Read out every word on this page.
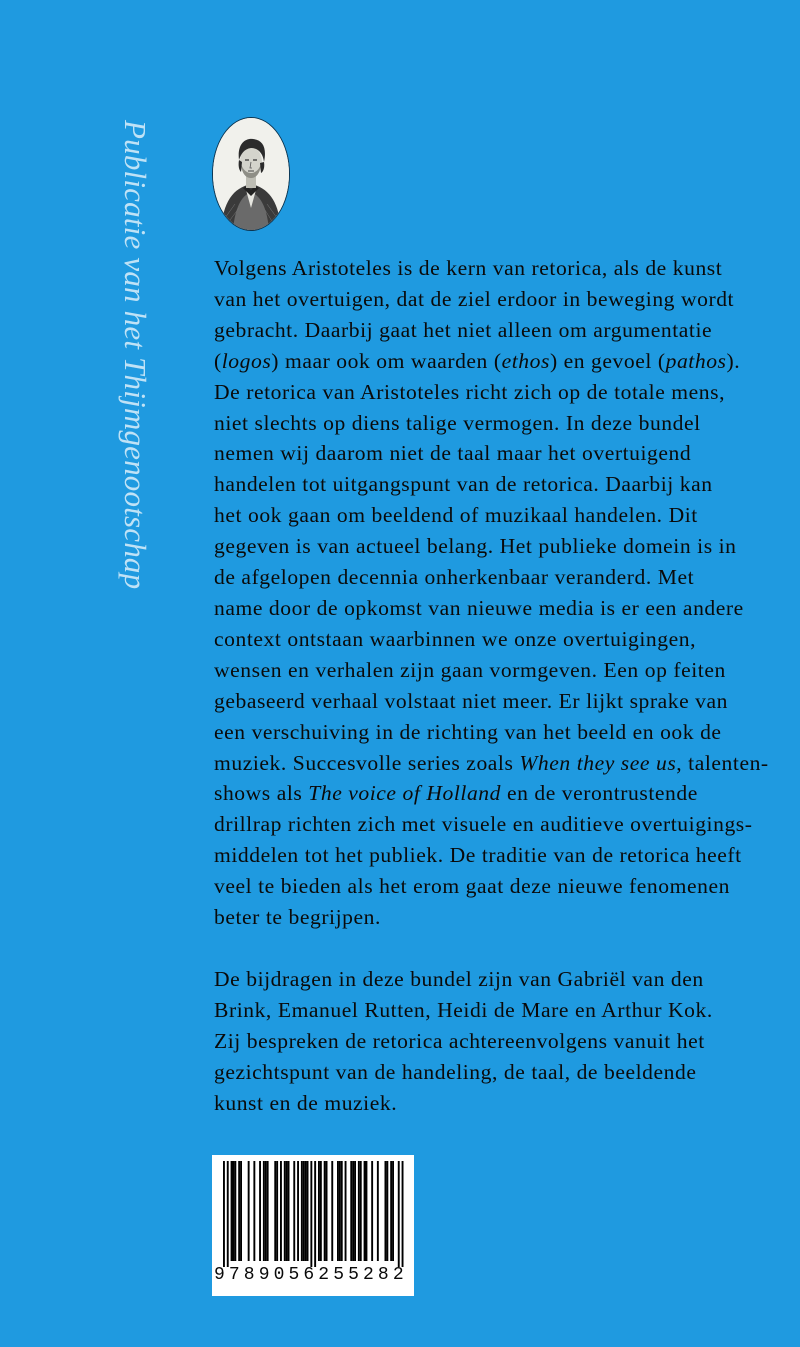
Publicatie van het Thijmgenootschap	Volgens Aristoteles is de kern van retorica, als de kunst
van het overtuigen, dat de ziel erdoor in beweging wordt
gebracht. Daarbij gaat het niet alleen om argumentatie
(logos) maar ook om waarden (ethos) en gevoel (pathos).
De retorica van Aristoteles richt zich op de totale mens,
niet slechts op diens talige vermogen. In deze bundel
nemen wij daarom niet de taal maar het overtuigend
handelen tot uitgangspunt van de retorica. Daarbij kan
het ook gaan om beeldend of muzikaal handelen. Dit
gegeven is van actueel belang. Het publieke domein is in
de afgelopen decennia onherkenbaar veranderd. Met
name door de opkomst van nieuwe media is er een andere
context ontstaan waarbinnen we onze overtuigingen,
wensen en verhalen zijn gaan vormgeven. Een op feiten
gebaseerd verhaal volstaat niet meer. Er lijkt sprake van
een verschuiving in de richting van het beeld en ook de
muziek. Succesvolle series zoals When they see us, talenten-
shows als The voice of Holland en de verontrustende
drillrap richten zich met visuele en auditieve overtuigings-
middelen tot het publiek. De traditie van de retorica heeft
veel te bieden als het erom gaat deze nieuwe fenomenen
beter te begrijpen.
De bijdragen in deze bundel zijn van Gabriël van den
Brink, Emanuel Rutten, Heidi de Mare en Arthur Kok.
Zij bespreken de retorica achtereenvolgens vanuit het
gezichtspunt van de handeling, de taal, de beeldende
kunst en de muziek.
9789056255282
